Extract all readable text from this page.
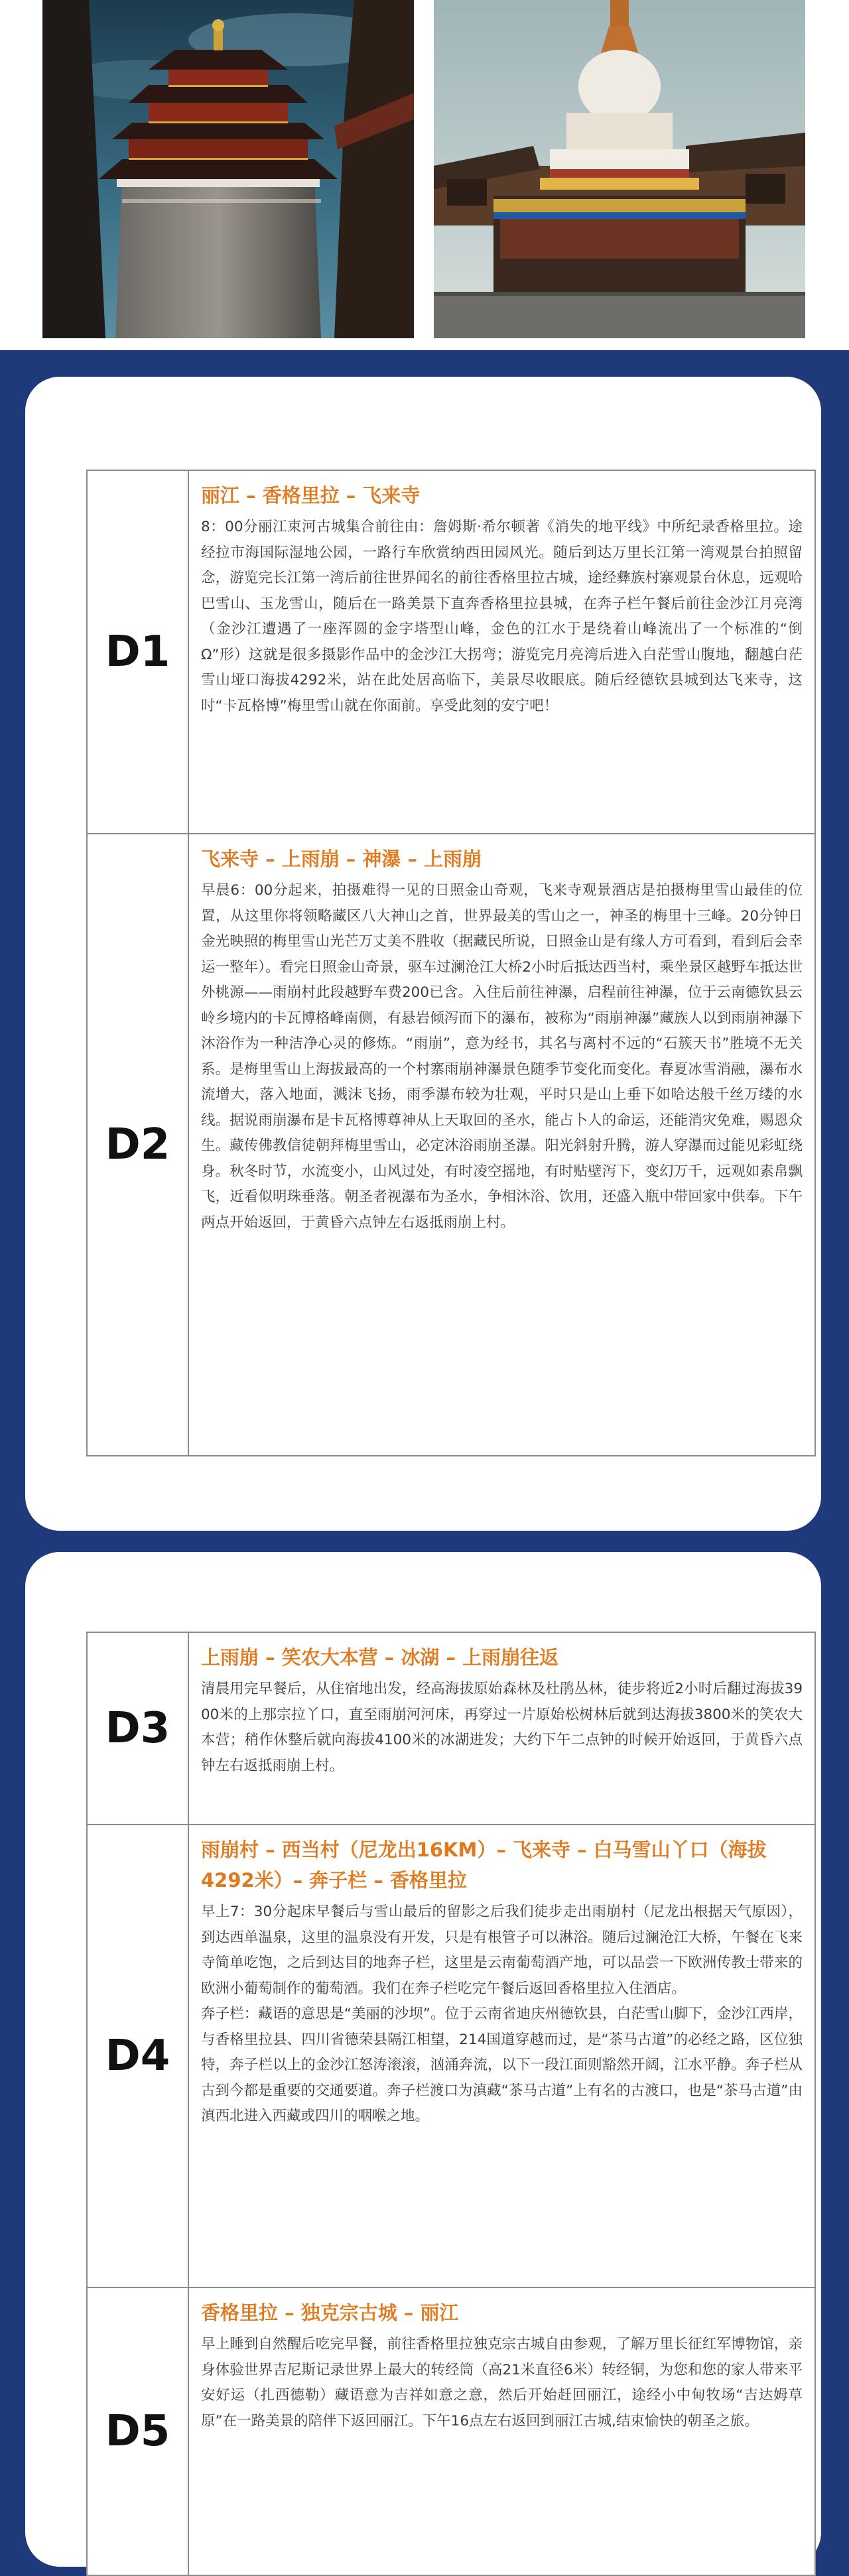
D1

丽江 – 香格里拉 – 飞来寺

8：00分丽江束河古城集合前往由：詹姆斯·希尔顿著《消失的地平线》中所纪录香格里拉。途经拉市海国际湿地公园，一路行车欣赏纳西田园风光。随后到达万里长江第一湾观景台拍照留念，游览完长江第一湾后前往世界闻名的前往香格里拉古城，途经彝族村寨观景台休息，远观哈巴雪山、玉龙雪山，随后在一路美景下直奔香格里拉县城，在奔子栏午餐后前往金沙江月亮湾（金沙江遭遇了一座浑圆的金字塔型山峰，金色的江水于是绕着山峰流出了一个标准的“倒Ω”形）这就是很多摄影作品中的金沙江大拐弯；游览完月亮湾后进入白茫雪山腹地，翻越白茫雪山垭口海拔4292米，站在此处居高临下，美景尽收眼底。随后经德钦县城到达飞来寺，这时“卡瓦格博”梅里雪山就在你面前。享受此刻的安宁吧！

D2

飞来寺 – 上雨崩 – 神瀑 – 上雨崩

早晨6：00分起来，拍摄难得一见的日照金山奇观，飞来寺观景酒店是拍摄梅里雪山最佳的位置，从这里你将领略藏区八大神山之首，世界最美的雪山之一，神圣的梅里十三峰。20分钟日金光映照的梅里雪山光芒万丈美不胜收（据藏民所说，日照金山是有缘人方可看到，看到后会幸运一整年）。看完日照金山奇景，驱车过澜沧江大桥2小时后抵达西当村，乘坐景区越野车抵达世外桃源——雨崩村此段越野车费200已含。入住后前往神瀑，启程前往神瀑，位于云南德钦县云岭乡境内的卡瓦博格峰南侧，有悬岩倾泻而下的瀑布，被称为“雨崩神瀑”藏族人以到雨崩神瀑下沐浴作为一种洁净心灵的修炼。“雨崩”，意为经书，其名与离村不远的“石簇天书”胜境不无关系。是梅里雪山上海拔最高的一个村寨雨崩神瀑景色随季节变化而变化。春夏冰雪消融，瀑布水流增大，落入地面，溅沫飞扬，雨季瀑布较为壮观，平时只是山上垂下如哈达般千丝万缕的水线。据说雨崩瀑布是卡瓦格博尊神从上天取回的圣水，能占卜人的命运，还能消灾免难，赐恩众生。藏传佛教信徒朝拜梅里雪山，必定沐浴雨崩圣瀑。阳光斜射升腾，游人穿瀑而过能见彩虹绕身。秋冬时节，水流变小，山风过处，有时凌空摇地，有时贴壁泻下，变幻万千，远观如素帛飘飞，近看似明珠垂落。朝圣者视瀑布为圣水，争相沐浴、饮用，还盛入瓶中带回家中供奉。下午两点开始返回，于黄昏六点钟左右返抵雨崩上村。

D3

上雨崩 – 笑农大本营 – 冰湖 – 上雨崩往返

清晨用完早餐后，从住宿地出发，经高海拔原始森林及杜鹃丛林，徒步将近2小时后翻过海拔3900米的上那宗拉丫口，直至雨崩河河床，再穿过一片原始松树林后就到达海拔3800米的笑农大本营；稍作休整后就向海拔4100米的冰湖进发；大约下午二点钟的时候开始返回，于黄昏六点钟左右返抵雨崩上村。

D4

雨崩村 – 西当村（尼龙出16KM）– 飞来寺 – 白马雪山丫口（海拔4292米）– 奔子栏 – 香格里拉

早上7：30分起床早餐后与雪山最后的留影之后我们徒步走出雨崩村（尼龙出根据天气原因），到达西单温泉，这里的温泉没有开发，只是有根管子可以淋浴。随后过澜沧江大桥，午餐在飞来寺简单吃饱，之后到达目的地奔子栏，这里是云南葡萄酒产地，可以品尝一下欧洲传教士带来的欧洲小葡萄制作的葡萄酒。我们在奔子栏吃完午餐后返回香格里拉入住酒店。

奔子栏：藏语的意思是“美丽的沙坝”。位于云南省迪庆州德钦县，白茫雪山脚下，金沙江西岸，与香格里拉县、四川省德荣县隔江相望，214国道穿越而过，是“茶马古道”的必经之路，区位独特，奔子栏以上的金沙江怒涛滚滚，汹涌奔流，以下一段江面则豁然开阔，江水平静。奔子栏从古到今都是重要的交通要道。奔子栏渡口为滇藏“茶马古道”上有名的古渡口，也是“茶马古道”由滇西北进入西藏或四川的咽喉之地。

D5

香格里拉 – 独克宗古城 – 丽江

早上睡到自然醒后吃完早餐，前往香格里拉独克宗古城自由参观，了解万里长征红军博物馆，亲身体验世界吉尼斯记录世界上最大的转经筒（高21米直径6米）转经铜，为您和您的家人带来平安好运（扎西德勒）藏语意为吉祥如意之意，然后开始赶回丽江，途经小中甸牧场“吉达姆草原”在一路美景的陪伴下返回丽江。下午16点左右返回到丽江古城,结束愉快的朝圣之旅。
